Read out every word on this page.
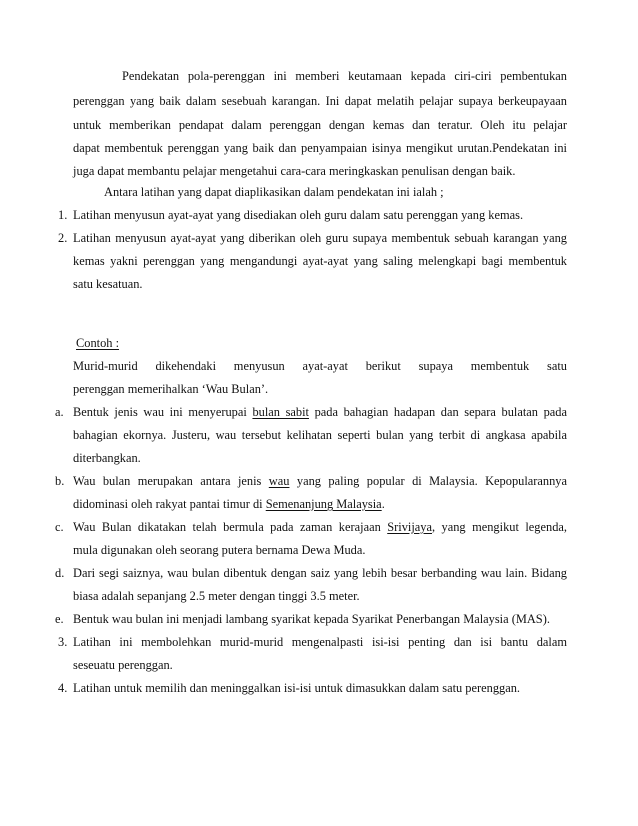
Pendekatan pola-perenggan ini memberi keutamaan kepada ciri-ciri pembentukan
perenggan yang baik dalam sesebuah karangan. Ini dapat melatih pelajar supaya berkeupayaan
untuk memberikan pendapat dalam perenggan dengan kemas dan teratur. Oleh itu pelajar
dapat membentuk perenggan yang baik dan penyampaian isinya mengikut urutan.Pendekatan ini
juga dapat membantu pelajar mengetahui cara-cara meringkaskan penulisan dengan baik.
Antara latihan yang dapat diaplikasikan dalam pendekatan ini ialah ;
1. Latihan menyusun ayat-ayat yang disediakan oleh guru dalam satu perenggan yang kemas.
2. Latihan menyusun ayat-ayat yang diberikan oleh guru supaya membentuk sebuah karangan yang
kemas yakni perenggan yang mengandungi ayat-ayat yang saling melengkapi bagi membentuk
satu kesatuan.
Contoh :
Murid-murid dikehendaki menyusun ayat-ayat berikut supaya membentuk satu
perenggan memerihalkan ‘Wau Bulan’.
a. Bentuk jenis wau ini menyerupai bulan sabit pada bahagian hadapan dan separa bulatan pada
bahagian ekornya. Justeru, wau tersebut kelihatan seperti bulan yang terbit di angkasa apabila
diterbangkan.
b. Wau bulan merupakan antara jenis wau yang paling popular di Malaysia. Kepopularannya
didominasi oleh rakyat pantai timur di Semenanjung Malaysia.
c. Wau Bulan dikatakan telah bermula pada zaman kerajaan Srivijaya, yang mengikut legenda,
mula digunakan oleh seorang putera bernama Dewa Muda.
d. Dari segi saiznya, wau bulan dibentuk dengan saiz yang lebih besar berbanding wau lain. Bidang
biasa adalah sepanjang 2.5 meter dengan tinggi 3.5 meter.
e. Bentuk wau bulan ini menjadi lambang syarikat kepada Syarikat Penerbangan Malaysia (MAS).
3. Latihan ini membolehkan murid-murid mengenalpasti isi-isi penting dan isi bantu dalam
seseuatu perenggan.
4. Latihan untuk memilih dan meninggalkan isi-isi untuk dimasukkan dalam satu perenggan.
